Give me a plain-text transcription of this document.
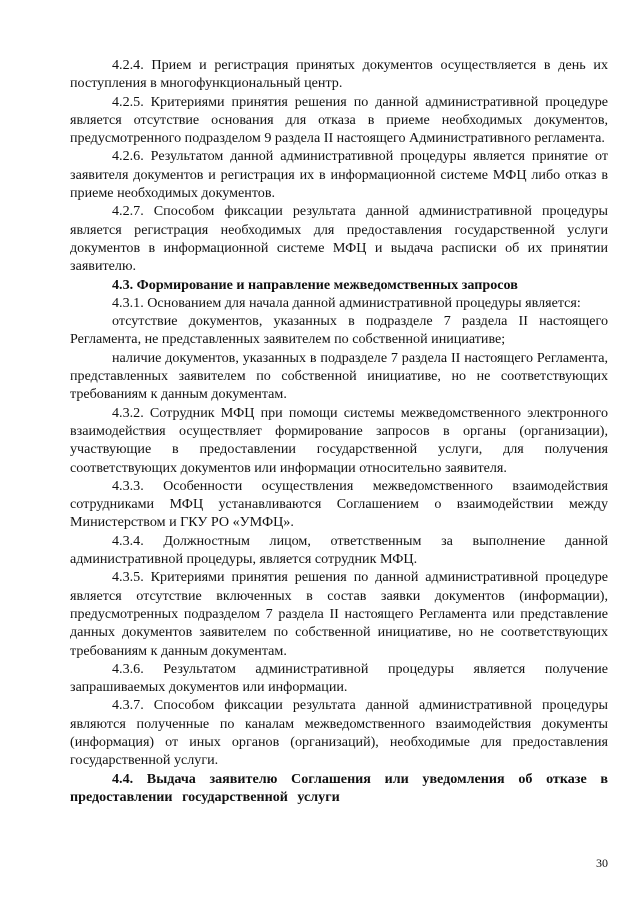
4.2.4. Прием и регистрация принятых документов осуществляется в день их поступления в многофункциональный центр.

4.2.5. Критериями принятия решения по данной административной процедуре является отсутствие основания для отказа в приеме необходимых документов, предусмотренного подразделом 9 раздела II настоящего Административного регламента.

4.2.6. Результатом данной административной процедуры является принятие от заявителя документов и регистрация их в информационной системе МФЦ либо отказ в приеме необходимых документов.

4.2.7. Способом фиксации результата данной административной процедуры является регистрация необходимых для предоставления государственной услуги документов в информационной системе МФЦ и выдача расписки об их принятии заявителю.

4.3. Формирование и направление межведомственных запросов

4.3.1. Основанием для начала данной административной процедуры является:

отсутствие документов, указанных в подразделе 7 раздела II настоящего Регламента, не представленных заявителем по собственной инициативе;

наличие документов, указанных в подразделе 7 раздела II настоящего Регламента, представленных заявителем по собственной инициативе, но не соответствующих требованиям к данным документам.

4.3.2. Сотрудник МФЦ при помощи системы межведомственного электронного взаимодействия осуществляет формирование запросов в органы (организации), участвующие в предоставлении государственной услуги, для получения соответствующих документов или информации относительно заявителя.

4.3.3. Особенности осуществления межведомственного взаимодействия сотрудниками МФЦ устанавливаются Соглашением о взаимодействии между Министерством и ГКУ РО «УМФЦ».

4.3.4. Должностным лицом, ответственным за выполнение данной административной процедуры, является сотрудник МФЦ.

4.3.5. Критериями принятия решения по данной административной процедуре является отсутствие включенных в состав заявки документов (информации), предусмотренных подразделом 7 раздела II настоящего Регламента или представление данных документов заявителем по собственной инициативе, но не соответствующих требованиям к данным документам.

4.3.6. Результатом административной процедуры является получение запрашиваемых документов или информации.

4.3.7. Способом фиксации результата данной административной процедуры являются полученные по каналам межведомственного взаимодействия документы (информация) от иных органов (организаций), необходимые для предоставления государственной услуги.

4.4. Выдача заявителю Соглашения или уведомления об отказе в предоставлении государственной услуги

30
